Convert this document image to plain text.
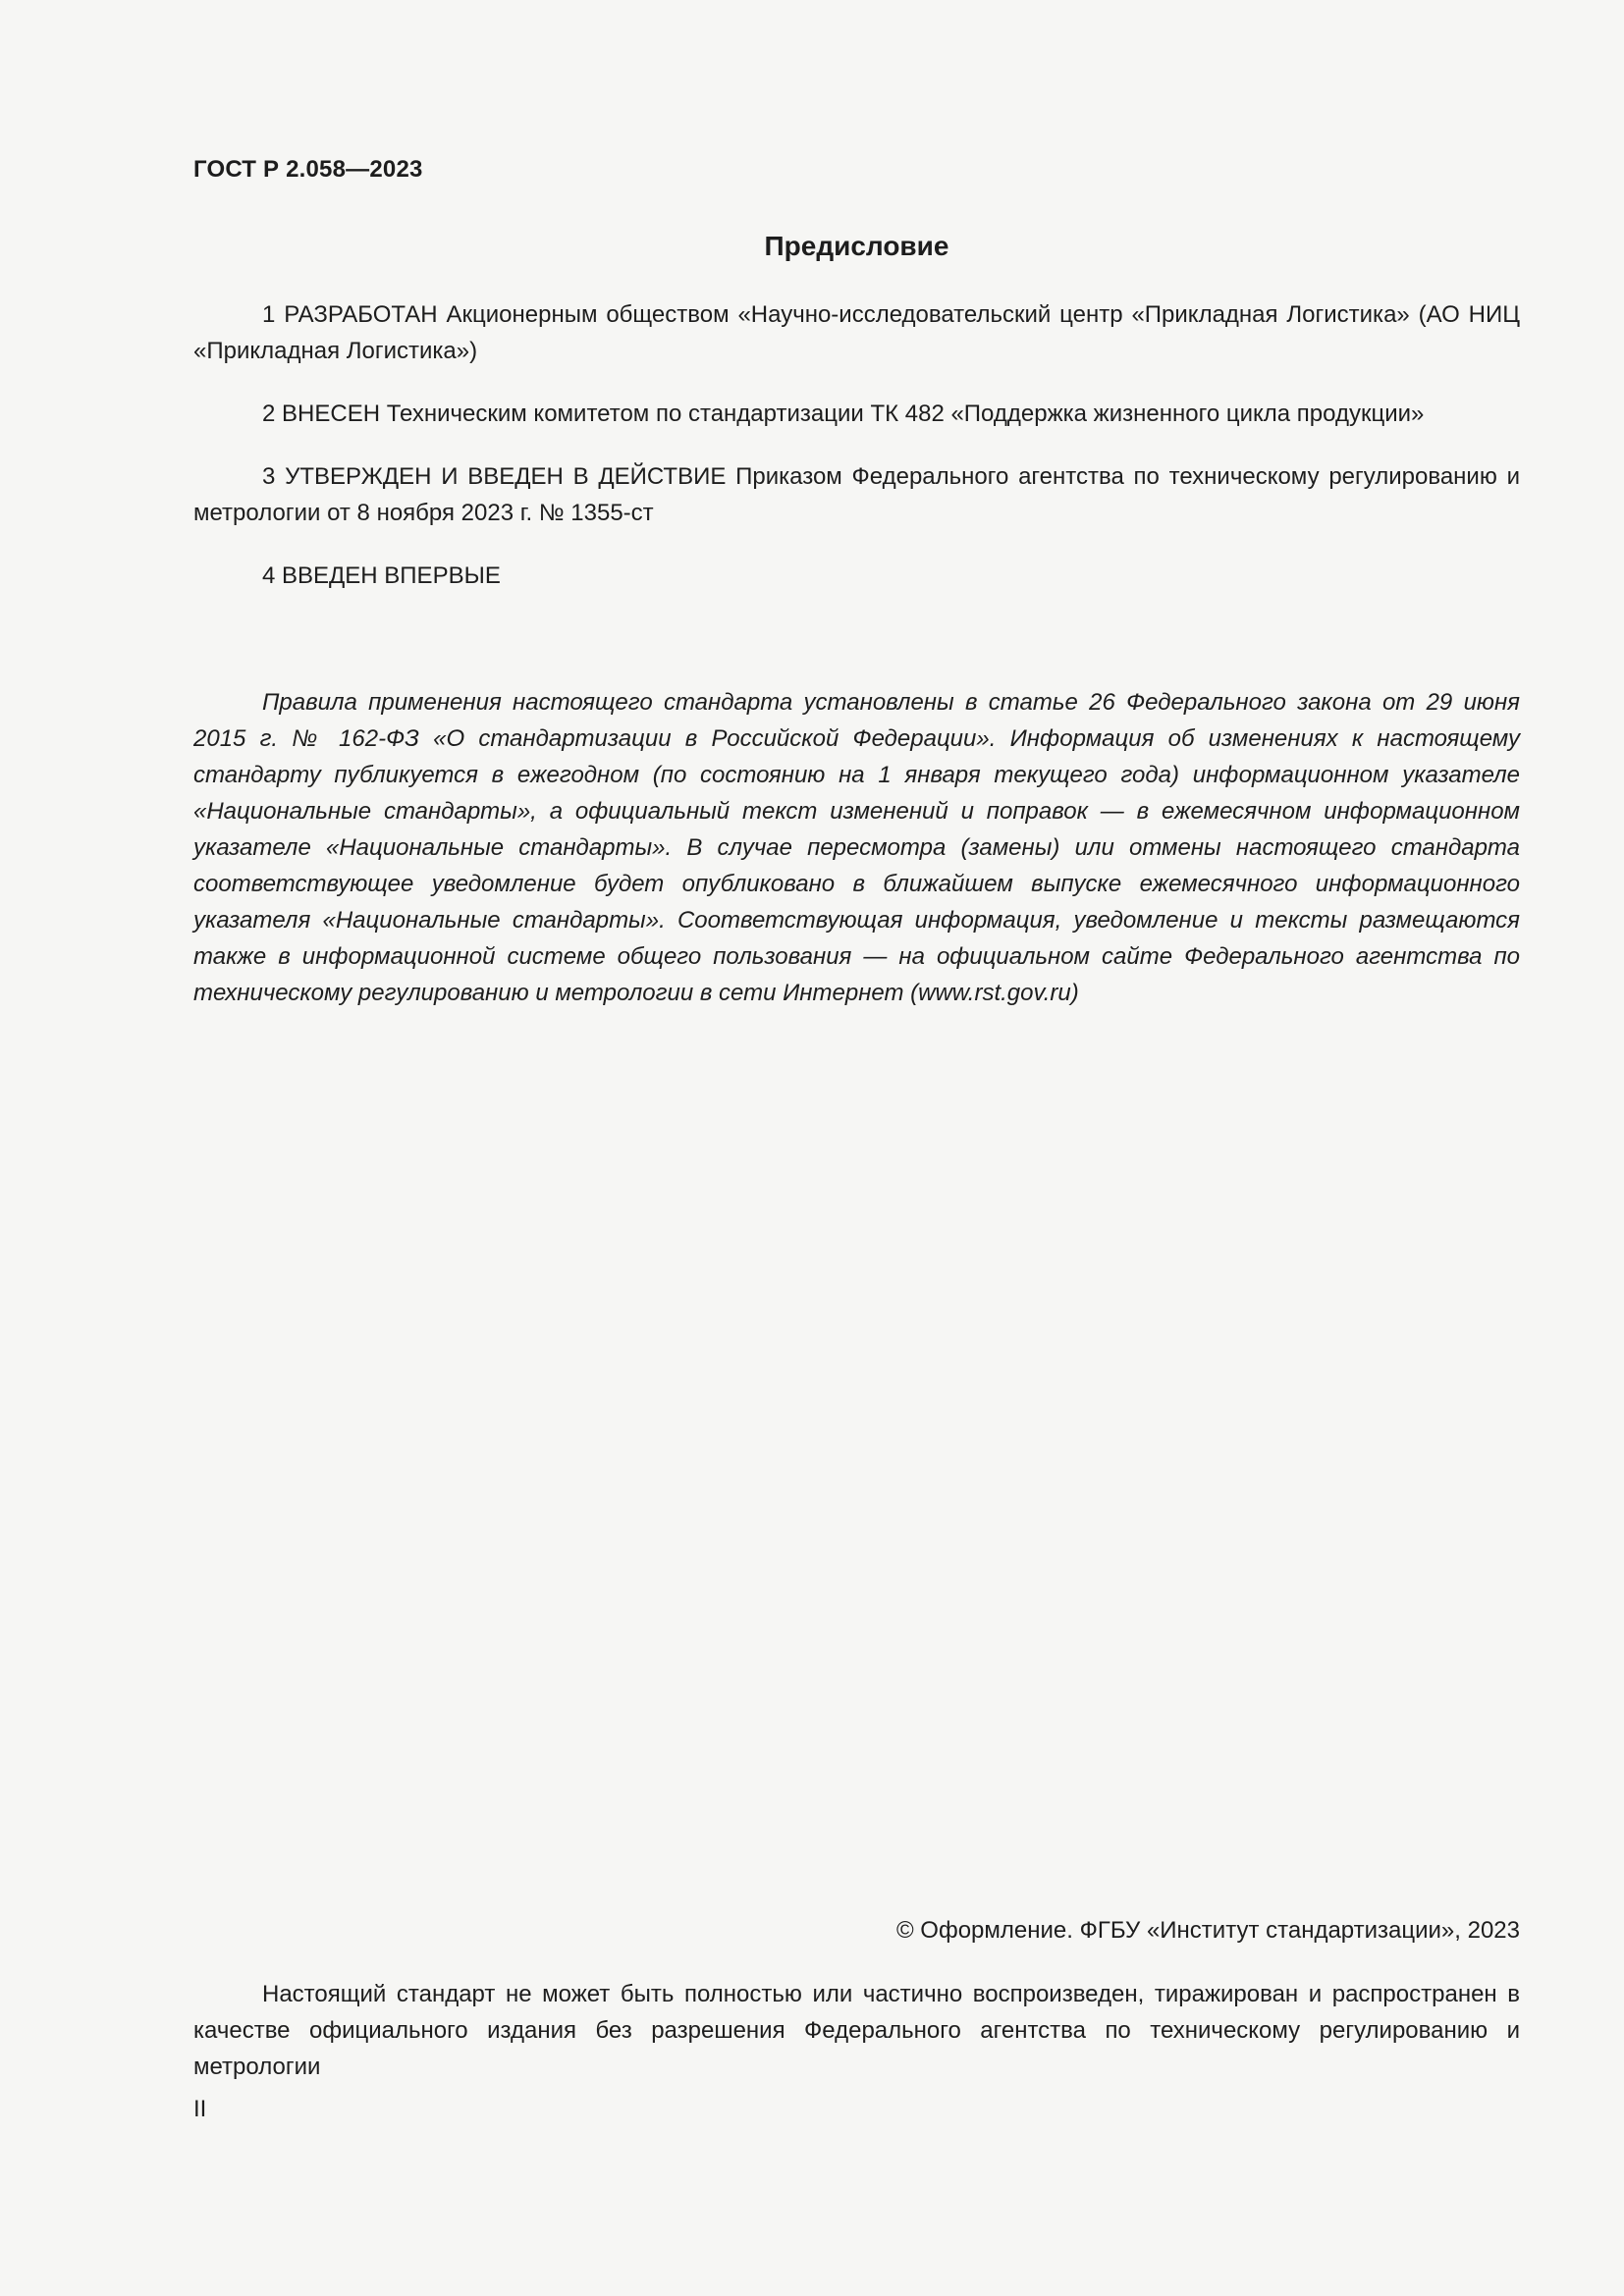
ГОСТ Р 2.058—2023
Предисловие

1 РАЗРАБОТАН Акционерным обществом «Научно-исследовательский центр «Прикладная Логистика» (АО НИЦ «Прикладная Логистика»)

2 ВНЕСЕН Техническим комитетом по стандартизации ТК 482 «Поддержка жизненного цикла продукции»

3 УТВЕРЖДЕН И ВВЕДЕН В ДЕЙСТВИЕ Приказом Федерального агентства по техническому регулированию и метрологии от 8 ноября 2023 г. № 1355-ст

4 ВВЕДЕН ВПЕРВЫЕ

Правила применения настоящего стандарта установлены в статье 26 Федерального закона от 29 июня 2015 г. № 162-ФЗ «О стандартизации в Российской Федерации». Информация об изменениях к настоящему стандарту публикуется в ежегодном (по состоянию на 1 января текущего года) информационном указателе «Национальные стандарты», а официальный текст изменений и поправок — в ежемесячном информационном указателе «Национальные стандарты». В случае пересмотра (замены) или отмены настоящего стандарта соответствующее уведомление будет опубликовано в ближайшем выпуске ежемесячного информационного указателя «Национальные стандарты». Соответствующая информация, уведомление и тексты размещаются также в информационной системе общего пользования — на официальном сайте Федерального агентства по техническому регулированию и метрологии в сети Интернет (www.rst.gov.ru)

© Оформление. ФГБУ «Институт стандартизации», 2023

Настоящий стандарт не может быть полностью или частично воспроизведен, тиражирован и распространен в качестве официального издания без разрешения Федерального агентства по техническому регулированию и метрологии

II
